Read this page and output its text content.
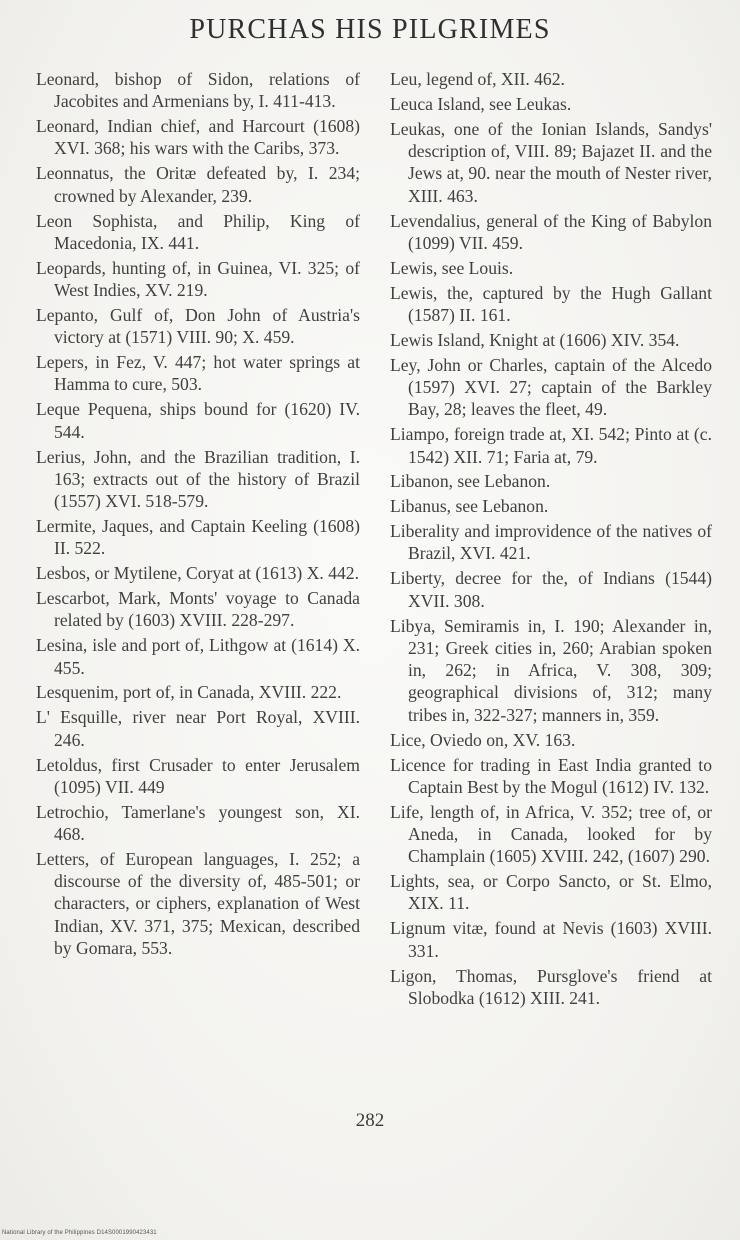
PURCHAS HIS PILGRIMES

Leonard, bishop of Sidon, relations of Jacobites and Armenians by, I. 411-413.

Leonard, Indian chief, and Harcourt (1608) XVI. 368; his wars with the Caribs, 373.

Leonnatus, the Oritæ defeated by, I. 234; crowned by Alexander, 239.

Leon Sophista, and Philip, King of Macedonia, IX. 441.

Leopards, hunting of, in Guinea, VI. 325; of West Indies, XV. 219.

Lepanto, Gulf of, Don John of Austria's victory at (1571) VIII. 90; X. 459.

Lepers, in Fez, V. 447; hot water springs at Hamma to cure, 503.

Leque Pequena, ships bound for (1620) IV. 544.

Lerius, John, and the Brazilian tradition, I. 163; extracts out of the history of Brazil (1557) XVI. 518-579.

Lermite, Jaques, and Captain Keeling (1608) II. 522.

Lesbos, or Mytilene, Coryat at (1613) X. 442.

Lescarbot, Mark, Monts' voyage to Canada related by (1603) XVIII. 228-297.

Lesina, isle and port of, Lithgow at (1614) X. 455.

Lesquenim, port of, in Canada, XVIII. 222.

L' Esquille, river near Port Royal, XVIII. 246.

Letoldus, first Crusader to enter Jerusalem (1095) VII. 449

Letrochio, Tamerlane's youngest son, XI. 468.

Letters, of European languages, I. 252; a discourse of the diversity of, 485-501; or characters, or ciphers, explanation of West Indian, XV. 371, 375; Mexican, described by Gomara, 553.

Leu, legend of, XII. 462.

Leuca Island, see Leukas.

Leukas, one of the Ionian Islands, Sandys' description of, VIII. 89; Bajazet II. and the Jews at, 90. near the mouth of Nester river, XIII. 463.

Levendalius, general of the King of Babylon (1099) VII. 459.

Lewis, see Louis.

Lewis, the, captured by the Hugh Gallant (1587) II. 161.

Lewis Island, Knight at (1606) XIV. 354.

Ley, John or Charles, captain of the Alcedo (1597) XVI. 27; captain of the Barkley Bay, 28; leaves the fleet, 49.

Liampo, foreign trade at, XI. 542; Pinto at (c. 1542) XII. 71; Faria at, 79.

Libanon, see Lebanon.

Libanus, see Lebanon.

Liberality and improvidence of the natives of Brazil, XVI. 421.

Liberty, decree for the, of Indians (1544) XVII. 308.

Libya, Semiramis in, I. 190; Alexander in, 231; Greek cities in, 260; Arabian spoken in, 262; in Africa, V. 308, 309; geographical divisions of, 312; many tribes in, 322-327; manners in, 359.

Lice, Oviedo on, XV. 163.

Licence for trading in East India granted to Captain Best by the Mogul (1612) IV. 132.

Life, length of, in Africa, V. 352; tree of, or Aneda, in Canada, looked for by Champlain (1605) XVIII. 242, (1607) 290.

Lights, sea, or Corpo Sancto, or St. Elmo, XIX. 11.

Lignum vitæ, found at Nevis (1603) XVIII. 331.

Ligon, Thomas, Pursglove's friend at Slobodka (1612) XIII. 241.

282
National Library of the Philippines D14S0001990423431
